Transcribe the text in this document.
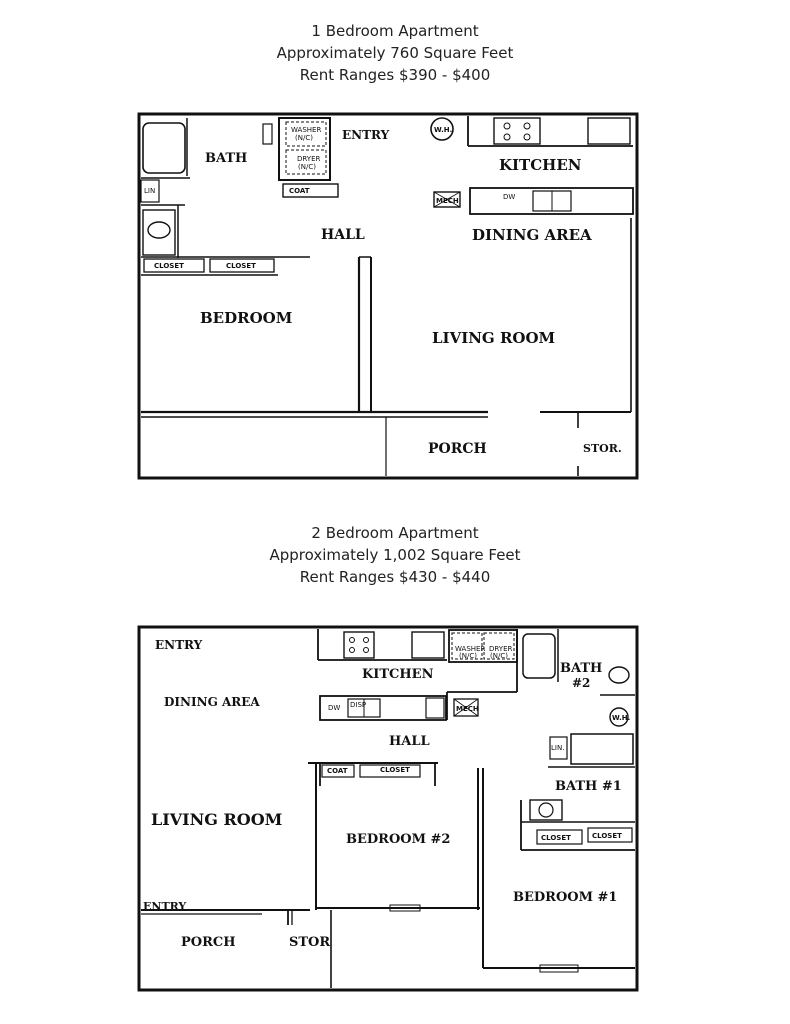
1 Bedroom Apartment
Approximately 760 Square Feet
Rent Ranges $390 - $400
BATH
ENTRY	W.H.
KITCHEN
WASHER
(N/C)
DRYER
(N/C)
COAT
LIN
MECH	DW
HALL	DINING AREA
CLOSET	CLOSET
BEDROOM
LIVING ROOM
PORCH	STOR.
2 Bedroom Apartment
Approximately 1,002 Square Feet
Rent Ranges $430 - $440
ENTRY
KITCHEN
WASHER
(N/C)
DRYER
(N/C)
BATH
#2
DINING AREA	DW DISP	MECH
W.H.
HALL	LIN.
COAT	CLOSET
BATH #1
LIVING ROOM
BEDROOM #2	CLOSET	CLOSET
ENTRY
BEDROOM #1
PORCH	STOR
